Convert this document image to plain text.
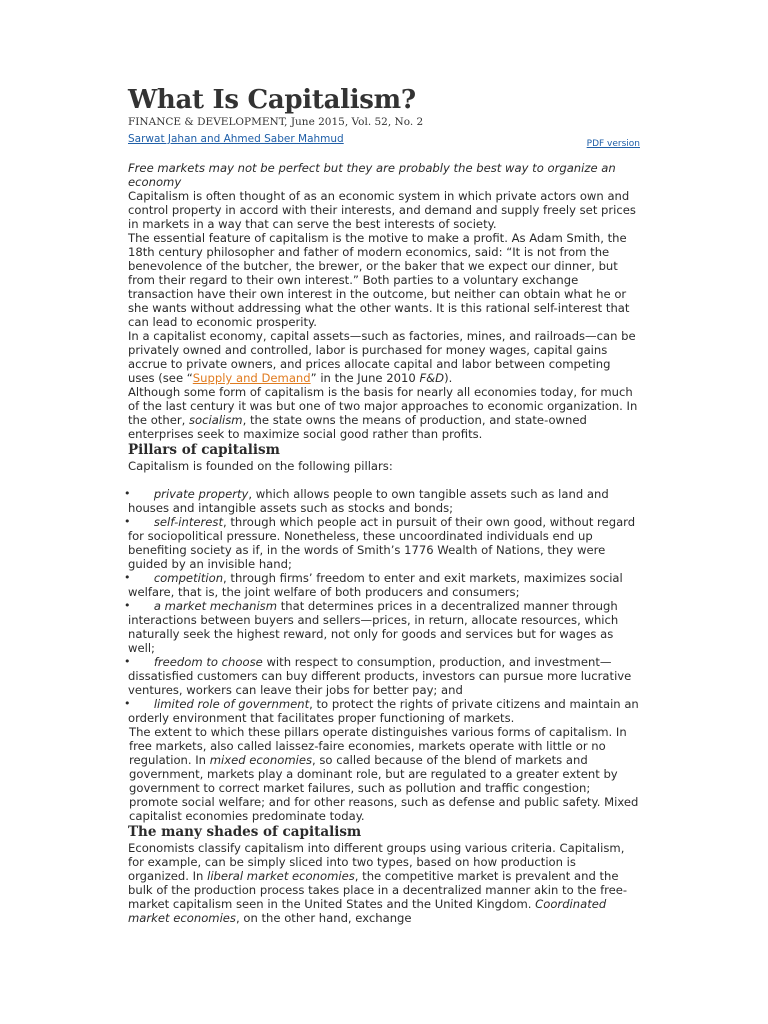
What Is Capitalism?
FINANCE & DEVELOPMENT, June 2015, Vol. 52, No. 2
Sarwat Jahan and Ahmed Saber Mahmud	PDF version

Free markets may not be perfect but they are probably the best way to organize an economy

Capitalism is often thought of as an economic system in which private actors own and control property in accord with their interests, and demand and supply freely set prices in markets in a way that can serve the best interests of society.

The essential feature of capitalism is the motive to make a profit. As Adam Smith, the 18th century philosopher and father of modern economics, said: “It is not from the benevolence of the butcher, the brewer, or the baker that we expect our dinner, but from their regard to their own interest.” Both parties to a voluntary exchange transaction have their own interest in the outcome, but neither can obtain what he or she wants without addressing what the other wants. It is this rational self-interest that can lead to economic prosperity.

In a capitalist economy, capital assets—such as factories, mines, and railroads—can be privately owned and controlled, labor is purchased for money wages, capital gains accrue to private owners, and prices allocate capital and labor between competing uses (see “Supply and Demand” in the June 2010 F&D).

Although some form of capitalism is the basis for nearly all economies today, for much of the last century it was but one of two major approaches to economic organization. In the other, socialism, the state owns the means of production, and state-owned enterprises seek to maximize social good rather than profits.

Pillars of capitalism

Capitalism is founded on the following pillars:

•	private property, which allows people to own tangible assets such as land and houses and intangible assets such as stocks and bonds;
•	self-interest, through which people act in pursuit of their own good, without regard for sociopolitical pressure. Nonetheless, these uncoordinated individuals end up benefiting society as if, in the words of Smith’s 1776 Wealth of Nations, they were guided by an invisible hand;
•	competition, through firms’ freedom to enter and exit markets, maximizes social welfare, that is, the joint welfare of both producers and consumers;
•	a market mechanism that determines prices in a decentralized manner through interactions between buyers and sellers—prices, in return, allocate resources, which naturally seek the highest reward, not only for goods and services but for wages as well;
•	freedom to choose with respect to consumption, production, and investment—dissatisfied customers can buy different products, investors can pursue more lucrative ventures, workers can leave their jobs for better pay; and
•	limited role of government, to protect the rights of private citizens and maintain an orderly environment that facilitates proper functioning of markets.

The extent to which these pillars operate distinguishes various forms of capitalism. In free markets, also called laissez-faire economies, markets operate with little or no regulation. In mixed economies, so called because of the blend of markets and government, markets play a dominant role, but are regulated to a greater extent by government to correct market failures, such as pollution and traffic congestion; promote social welfare; and for other reasons, such as defense and public safety. Mixed capitalist economies predominate today.

The many shades of capitalism

Economists classify capitalism into different groups using various criteria. Capitalism, for example, can be simply sliced into two types, based on how production is organized. In liberal market economies, the competitive market is prevalent and the bulk of the production process takes place in a decentralized manner akin to the free-market capitalism seen in the United States and the United Kingdom. Coordinated market economies, on the other hand, exchange
